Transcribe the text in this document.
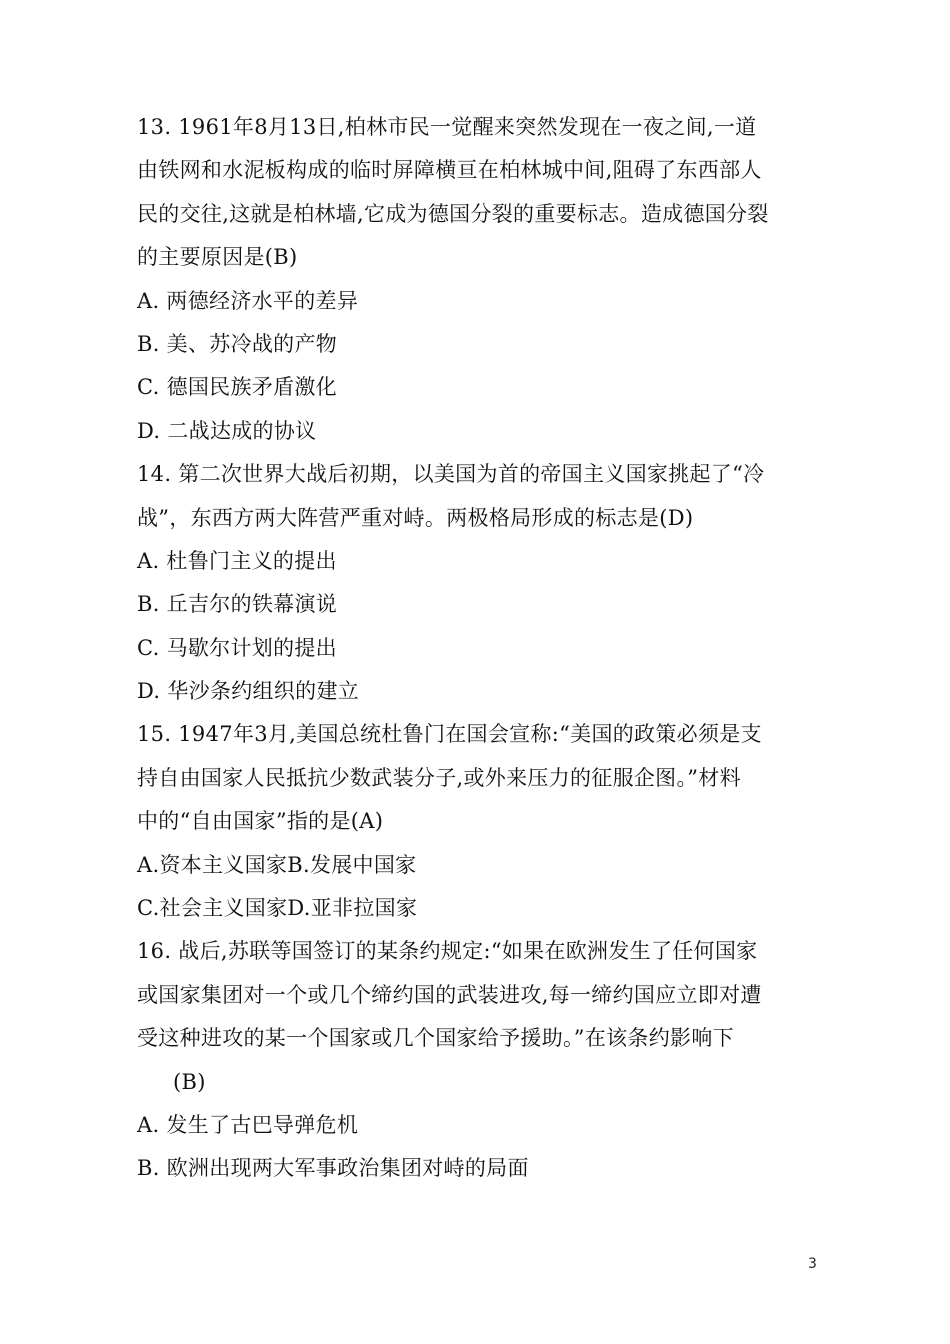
13. 1961年8月13日,柏林市民一觉醒来突然发现在一夜之间,一道
由铁网和水泥板构成的临时屏障横亘在柏林城中间,阻碍了东西部人
民的交往,这就是柏林墙,它成为德国分裂的重要标志。造成德国分裂
的主要原因是(B)
A. 两德经济水平的差异
B. 美、苏冷战的产物
C. 德国民族矛盾激化
D. 二战达成的协议
14. 第二次世界大战后初期，以美国为首的帝国主义国家挑起了“冷
战”，东西方两大阵营严重对峙。两极格局形成的标志是(D)
A. 杜鲁门主义的提出
B. 丘吉尔的铁幕演说
C. 马歇尔计划的提出
D. 华沙条约组织的建立
15. 1947年3月,美国总统杜鲁门在国会宣称:“美国的政策必须是支
持自由国家人民抵抗少数武装分子,或外来压力的征服企图。”材料
中的“自由国家”指的是(A)
A.资本主义国家B.发展中国家
C.社会主义国家D.亚非拉国家
16. 战后,苏联等国签订的某条约规定:“如果在欧洲发生了任何国家
或国家集团对一个或几个缔约国的武装进攻,每一缔约国应立即对遭
受这种进攻的某一个国家或几个国家给予援助。”在该条约影响下
(B)
A. 发生了古巴导弹危机
B. 欧洲出现两大军事政治集团对峙的局面
3
